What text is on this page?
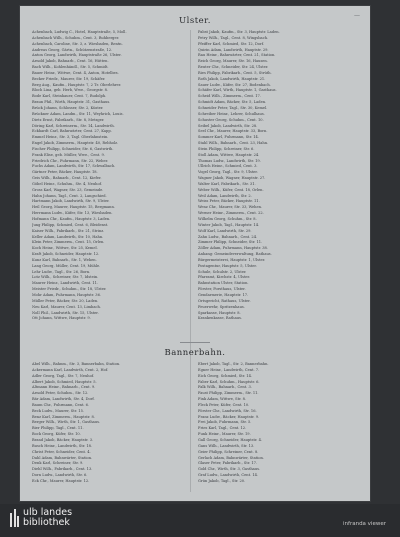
—
Ulster.
Achenbach, Ludwig C., Hotel, Hauptstraße, 5, Moll.
Achenbach Wilh., Schuhm., Cent. 3, Ruhberger.
Achenbach, Caroline, Str. 3, z. Wiesbaden, Rentn.
Andreas Georg, Gärtn., Schützenstraße, 12.
Anton Georg, Landwirth, Hauptstraße 26, Ulster.
Arnold Jakob, Bahnarb., Cent. 16, Hütten.
Bach Wilh., Kohlenhändl., Str. 5, Schmidt.
Bauer Heinr., Wittwe, Cent. 4, Anton, Hotelbes.
Becker Friedr., Maurer, Str. 19, Schäfer.
Berg Aug., Kaufm., Hauptstr. 7, 2 Tr. Oberlehrer.
Bloch Lina, geb. Herb, Wwe., Georgstr. 8.
Bode Karl, Steinhauer, Cent. 7, Rudolph.
Braun Phil., Wirth, Hauptstr. 31, Gasthaus.
Brück Johann, Schlosser, Str. 2, Küster.
Brückner Adam, Landm., Str. 11, Weyhrich, Louis.
Dietz Ernst, Fabrikarb., Str. 8, Metzger.
Döring Karl, Schreinerm., Str. 14, Landwirth.
Eckhardt Carl, Bahnwärter, Cent. 27, Kapp.
Emmel Heinr., Str. 3, Tagl. Oberlahnstein.
Engel Jakob, Zimmerm., Hauptstr. 40, Rebholz.
Fischer Philipp, Schneider, Str. 6, Gastwirth.
Frank Elise, geb. Müller, Wwe., Cent. 9.
Friedrich Chr., Fuhrmann, Str. 22, Weber.
Fuchs Adam, Landwirth, Str. 17, Schwalbach.
Gärtner Peter, Bäcker, Hauptstr. 18.
Geis Wilh., Bahnarb., Cent. 12, Kiefer.
Göbel Heinr., Schuhm., Str. 4, Neuhof.
Gross Karl, Wagner, Str. 23, Gemeinde.
Hahn Johann, Tagl., Cent. 2, Langschied.
Hartmann Jakob, Landwirth, Str. 9, Ulster.
Heil Georg, Maurer, Hauptstr. 15, Bergmann.
Herrmann Ludw., Küfer, Str. 13, Wiesbaden.
Hofmann Chr., Kaufm., Hauptstr. 3, Laden.
Jung Philipp, Schmied, Cent. 6, Bleidenst.
Kaiser Wilh., Fabrikarb., Str. 21, Strinz.
Keller Adam, Landwirth, Str. 10, Hahn.
Klein Peter, Zimmerm., Cent. 15, Orlen.
Koch Heinr., Wittwe, Str. 25, Kemel.
Kraft Jakob, Schneider, Hauptstr. 12.
Kunz Karl, Bahnarb., Str. 1, Wehen.
Lang Georg, Müller, Cent. 19, Mühle.
Lehr Ludw., Tagl., Str. 26, Born.
Lotz Wilh., Schreiner, Str. 7, Idstein.
Maurer Heinr., Landwirth, Cent. 11.
Meister Friedr., Schuhm., Str. 18, Ulster.
Mohr Adam, Fuhrmann, Hauptstr. 36.
Müller Peter, Bäcker, Str. 20, Laden.
Neu Karl, Maurer, Cent. 13, Limbach.
Noll Phil., Landwirth, Str. 15, Ulster.
Ott Johann, Wittwe, Hauptstr. 9.
Pabst Jakob, Kaufm., Str. 3, Hauptstr. Laden.
Petry Wilh., Tagl., Cent. 8, Wingsbach.
Pfeiffer Karl, Schmied, Str. 12, Dorf.
Quirin Adam, Landwirth, Hauptstr. 29.
Rau Heinr., Bahnwärter, Cent. 21, Station.
Reich Georg, Maurer, Str. 16, Hausen.
Reuter Chr., Schneider, Str. 24, Ulster.
Ries Philipp, Fabrikarb., Cent. 5, Strüth.
Roth Jakob, Landwirth, Hauptstr. 21.
Sauer Ludw., Küfer, Str. 27, Bodenbach.
Schäfer Karl, Wirth, Hauptstr. 1, Gasthaus.
Scheid Wilh., Zimmerm., Cent. 17.
Schmidt Adam, Bäcker, Str. 5, Laden.
Schneider Peter, Tagl., Str. 30, Kemel.
Schreiber Heinr., Lehrer, Schulhaus.
Schuster Georg, Schuhm., Cent. 10.
Seibel Jakob, Landwirth, Str. 28.
Seel Chr., Maurer, Hauptstr. 33, Born.
Sommer Karl, Fuhrmann, Str. 14.
Stahl Wilh., Bahnarb., Cent. 23, Hahn.
Stein Philipp, Schreiner, Str. 6.
Stoll Adam, Wittwe, Hauptstr. 24.
Thomas Ludw., Landwirth, Str. 19.
Ullrich Heinr., Schmied, Cent. 3.
Vogel Georg, Tagl., Str. 9, Ulster.
Wagner Jakob, Wagner, Hauptstr. 27.
Walter Karl, Fabrikarb., Str. 31.
Weber Wilh., Küfer, Cent. 18, Orlen.
Weil Adam, Landwirth, Str. 2.
Weiss Peter, Bäcker, Hauptstr. 11.
Wenz Chr., Maurer, Str. 33, Wehen.
Werner Heinr., Zimmerm., Cent. 22.
Wilhelm Georg, Schuhm., Str. 8.
Winter Jakob, Tagl., Hauptstr. 14.
Wolf Karl, Landwirth, Str. 29.
Zahn Ludw., Bahnarb., Cent. 24.
Zimmer Philipp, Schneider, Str. 11.
Zöller Adam, Fuhrmann, Hauptstr. 38.
Anhang: Gemeindeverwaltung, Rathaus.
Bürgermeisterei, Hauptstr. 1, Ulster.
Postagentur, Hauptstr. 5, Ulster.
Schule, Schulstr. 2, Ulster.
Pfarramt, Kirchstr. 4, Ulster.
Bahnstation Ulster, Station.
Förster, Forsthaus, Ulster.
Gendarmerie, Hauptstr. 17.
Ortsgericht, Rathaus, Ulster.
Feuerwehr, Spritzenhaus.
Sparkasse, Hauptstr. 8.
Krankenkasse, Rathaus.
Bannerbahn.
Abel Wilh., Bahnm., Str. 3, Bannerbahn, Station.
Ackermann Karl, Landwirth, Cent. 2, Hof.
Adler Georg, Tagl., Str. 7, Neuhof.
Albert Jakob, Schmied, Hauptstr. 5.
Altmann Heinr., Bahnarb., Cent. 9.
Arnold Peter, Schuhm., Str. 12.
Bär Adam, Landwirth, Str. 4, Dorf.
Baum Chr., Fuhrmann, Cent. 6.
Beck Ludw., Maurer, Str. 15.
Benz Karl, Zimmerm., Hauptstr. 8.
Berger Wilh., Wirth, Str. 1, Gasthaus.
Bier Philipp, Tagl., Cent. 11.
Bock Georg, Küfer, Str. 10.
Brand Jakob, Bäcker, Hauptstr. 3.
Busch Heinr., Landwirth, Str. 18.
Christ Peter, Schneider, Cent. 4.
Dahl Adam, Bahnwärter, Station.
Denk Karl, Schreiner, Str. 9.
Diehl Wilh., Fabrikarb., Cent. 13.
Dorn Ludw., Landwirth, Str. 6.
Eck Chr., Maurer, Hauptstr. 12.
Ebert Jakob, Tagl., Str. 2, Bannerbahn.
Egner Heinr., Landwirth, Cent. 7.
Eich Georg, Schmied, Str. 14.
Faber Karl, Schuhm., Hauptstr. 6.
Falk Wilh., Bahnarb., Cent. 3.
Faust Philipp, Zimmerm., Str. 11.
Fink Adam, Wittwe, Str. 8.
Fleck Peter, Küfer, Cent. 10.
Förster Chr., Landwirth, Str. 16.
Franz Ludw., Bäcker, Hauptstr. 9.
Frei Jakob, Fuhrmann, Str. 5.
Fries Karl, Tagl., Cent. 12.
Funk Heinr., Maurer, Str. 19.
Gall Georg, Schneider, Hauptstr. 4.
Gans Wilh., Landwirth, Str. 13.
Geier Philipp, Schreiner, Cent. 8.
Gerlach Adam, Bahnwärter, Station.
Glaser Peter, Fabrikarb., Str. 17.
Gold Chr., Wirth, Str. 3, Gasthaus.
Graf Ludw., Landwirth, Cent. 14.
Grün Jakob, Tagl., Str. 20.
ulb landes
bibliothek	infranda viewer
